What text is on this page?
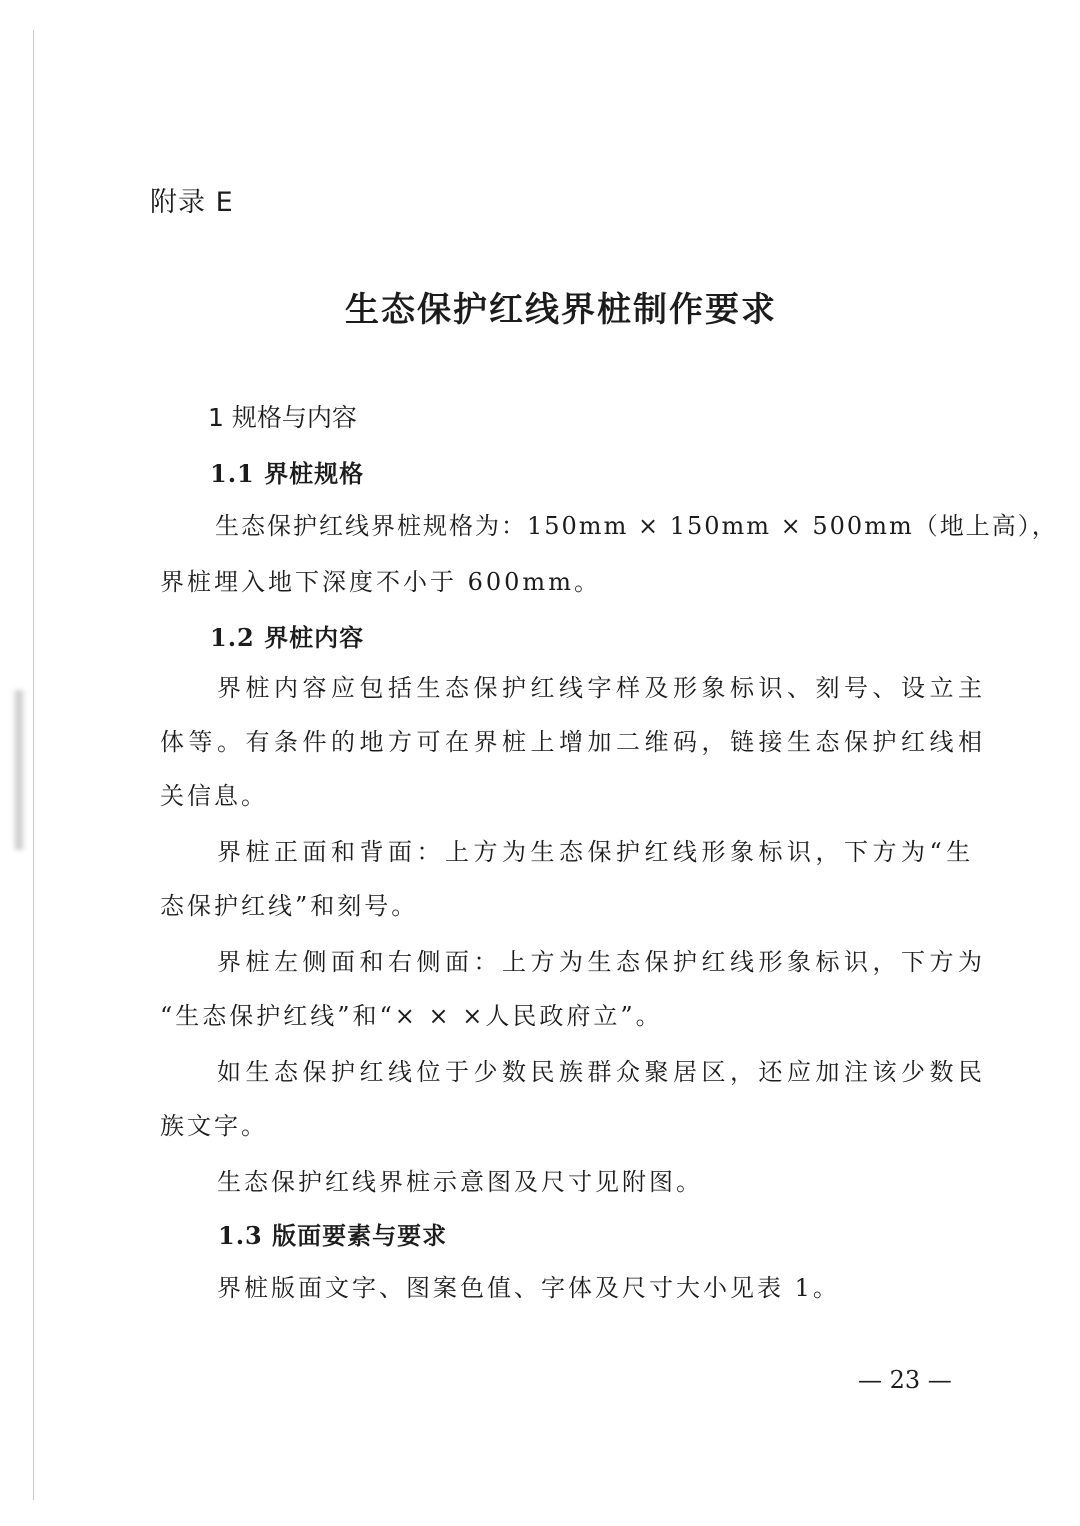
附录 E
生态保护红线界桩制作要求
1 规格与内容
1.1 界桩规格
生态保护红线界桩规格为：150mm × 150mm × 500mm（地上高），
界桩埋入地下深度不小于 600mm。
1.2 界桩内容
界桩内容应包括生态保护红线字样及形象标识、刻号、设立主
体等。有条件的地方可在界桩上增加二维码，链接生态保护红线相
关信息。
界桩正面和背面：上方为生态保护红线形象标识，下方为“生
态保护红线”和刻号。
界桩左侧面和右侧面：上方为生态保护红线形象标识，下方为
“生态保护红线”和“× × ×人民政府立”。
如生态保护红线位于少数民族群众聚居区，还应加注该少数民
族文字。
生态保护红线界桩示意图及尺寸见附图。
1.3 版面要素与要求
界桩版面文字、图案色值、字体及尺寸大小见表 1。
— 23 —
